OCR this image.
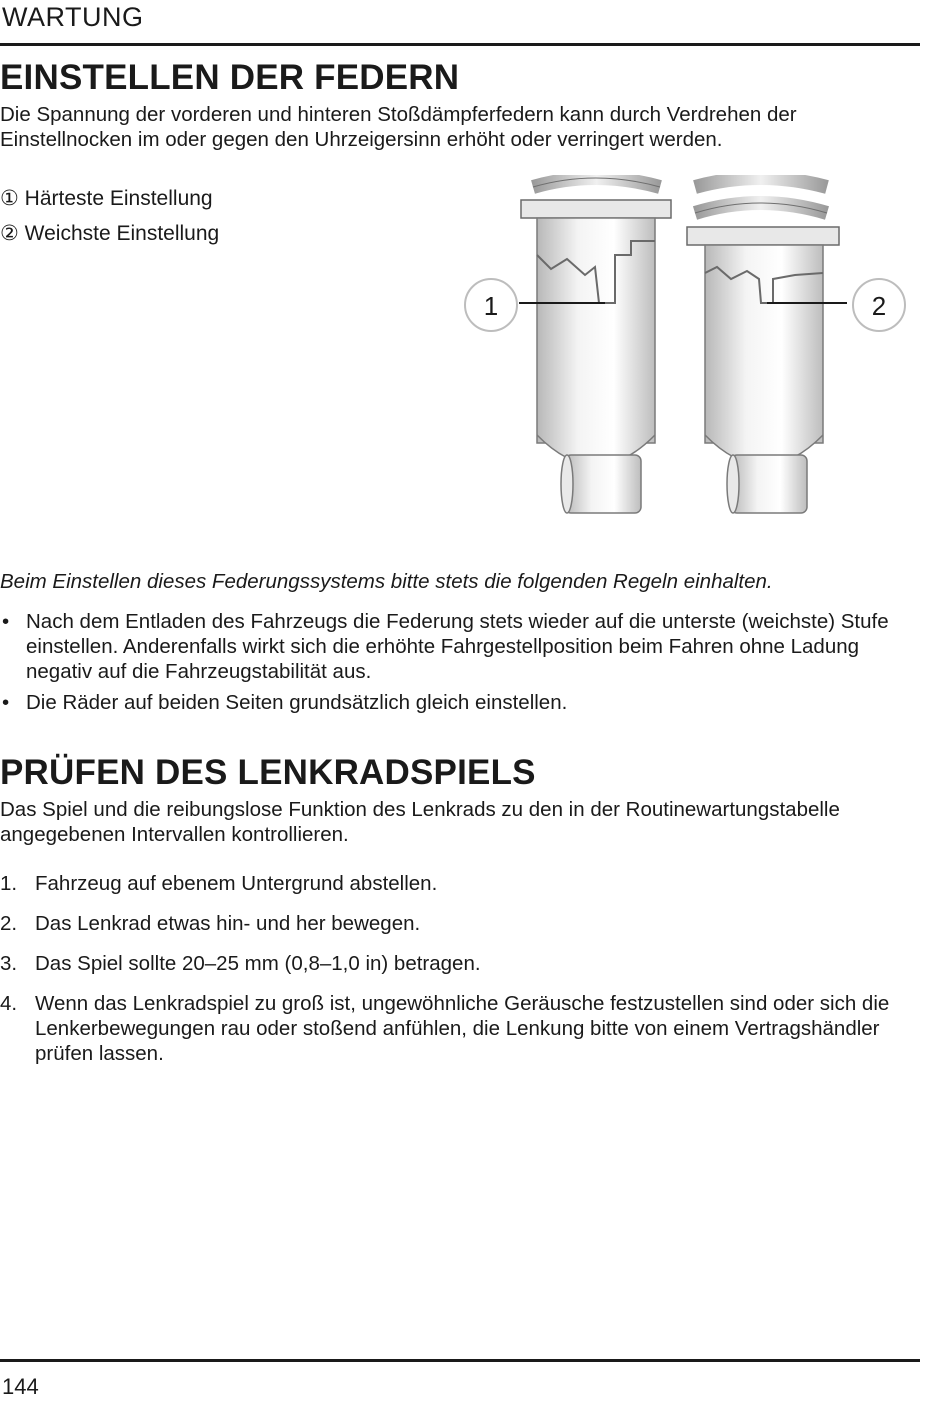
WARTUNG
EINSTELLEN DER FEDERN

Die Spannung der vorderen und hinteren Stoßdämpferfedern kann durch Verdrehen der Einstellnocken im oder gegen den Uhrzeigersinn erhöht oder verringert werden.

① Härteste Einstellung
② Weichste Einstellung
1	2
Beim Einstellen dieses Federungssystems bitte stets die folgenden Regeln einhalten.
• Nach dem Entladen des Fahrzeugs die Federung stets wieder auf die unterste (weichste) Stufe einstellen. Anderenfalls wirkt sich die erhöhte Fahrgestellposition beim Fahren ohne Ladung negativ auf die Fahrzeugstabilität aus.
• Die Räder auf beiden Seiten grundsätzlich gleich einstellen.
PRÜFEN DES LENKRADSPIELS

Das Spiel und die reibungslose Funktion des Lenkrads zu den in der Routinewartungstabelle angegebenen Intervallen kontrollieren.

1. Fahrzeug auf ebenem Untergrund abstellen.
2. Das Lenkrad etwas hin- und her bewegen.
3. Das Spiel sollte 20–25 mm (0,8–1,0 in) betragen.
4. Wenn das Lenkradspiel zu groß ist, ungewöhnliche Geräusche festzustellen sind oder sich die Lenkerbewegungen rau oder stoßend anfühlen, die Lenkung bitte von einem Vertragshändler prüfen lassen.
144
